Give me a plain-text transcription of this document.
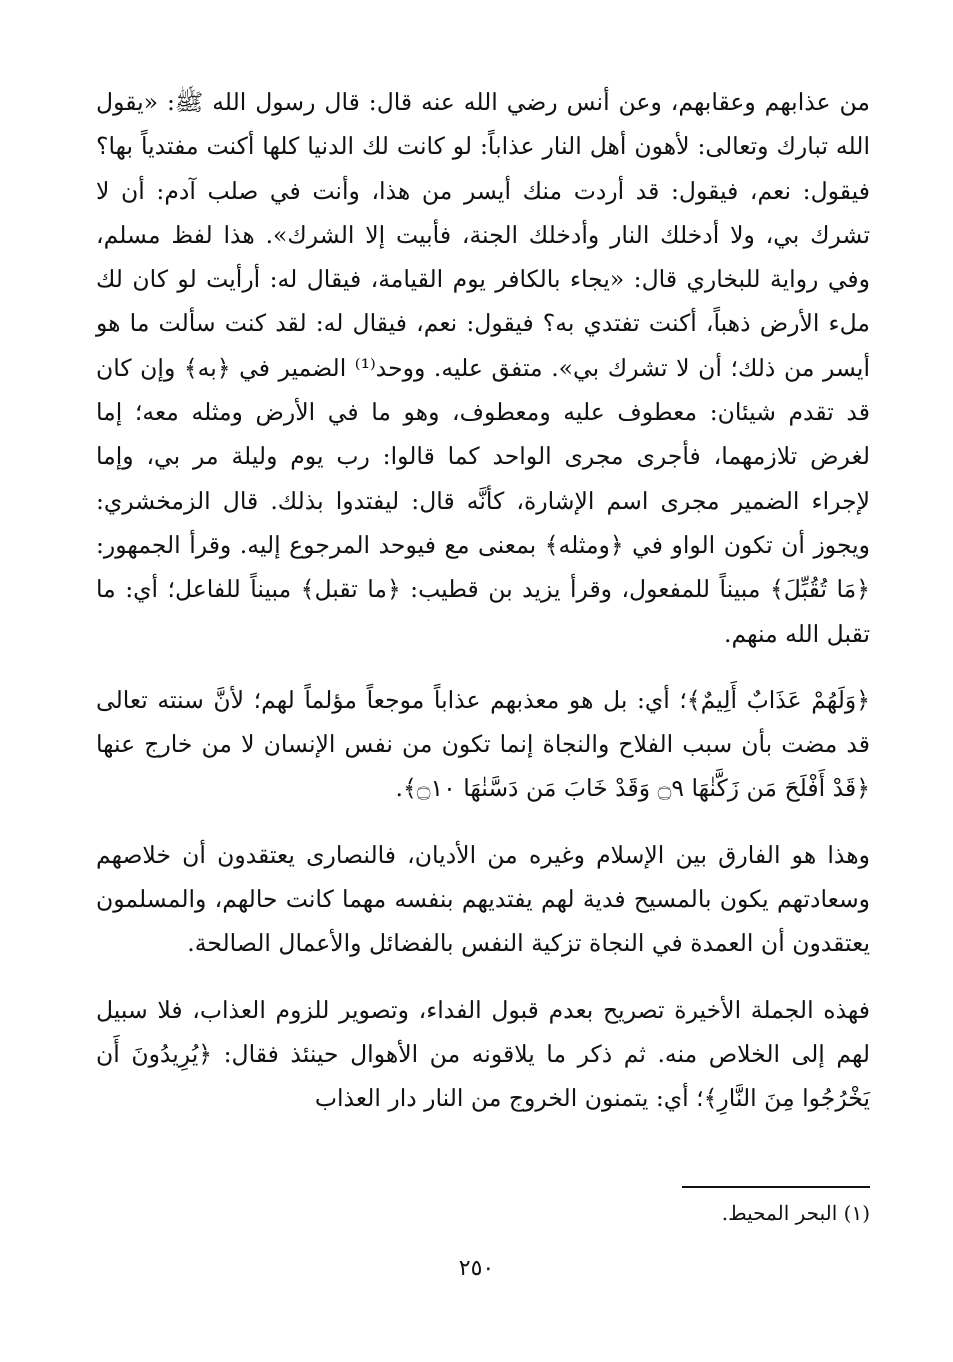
من عذابهم وعقابهم، وعن أنس رضي الله عنه قال: قال رسول الله ﷺ: «يقول الله تبارك وتعالى: لأهون أهل النار عذاباً: لو كانت لك الدنيا كلها أكنت مفتدياً بها؟ فيقول: نعم، فيقول: قد أردت منك أيسر من هذا، وأنت في صلب آدم: أن لا تشرك بي، ولا أدخلك النار وأدخلك الجنة، فأبيت إلا الشرك». هذا لفظ مسلم، وفي رواية للبخاري قال: «يجاء بالكافر يوم القيامة، فيقال له: أرأيت لو كان لك ملء الأرض ذهباً، أكنت تفتدي به؟ فيقول: نعم، فيقال له: لقد كنت سألت ما هو أيسر من ذلك؛ أن لا تشرك بي». متفق عليه. ووحد⁽¹⁾ الضمير في ﴿به﴾ وإن كان قد تقدم شيئان: معطوف عليه ومعطوف، وهو ما في الأرض ومثله معه؛ إما لغرض تلازمهما، فأجرى مجرى الواحد كما قالوا: رب يوم وليلة مر بي، وإما لإجراء الضمير مجرى اسم الإشارة، كأنَّه قال: ليفتدوا بذلك. قال الزمخشري: ويجوز أن تكون الواو في ﴿ومثله﴾ بمعنى مع فيوحد المرجوع إليه. وقرأ الجمهور: ﴿مَا تُقُبِّلَ﴾ مبيناً للمفعول، وقرأ يزيد بن قطيب: ﴿ما تقبل﴾ مبيناً للفاعل؛ أي: ما تقبل الله منهم.

﴿وَلَهُمْ عَذَابٌ أَلِيمٌ﴾؛ أي: بل هو معذبهم عذاباً موجعاً مؤلماً لهم؛ لأنَّ سنته تعالى قد مضت بأن سبب الفلاح والنجاة إنما تكون من نفس الإنسان لا من خارج عنها ﴿قَدْ أَفْلَحَ مَن زَكَّنٰهَا ۝٩ وَقَدْ خَابَ مَن دَسَّنٰهَا ۝١٠﴾.

وهذا هو الفارق بين الإسلام وغيره من الأديان، فالنصارى يعتقدون أن خلاصهم وسعادتهم يكون بالمسيح فدية لهم يفتديهم بنفسه مهما كانت حالهم، والمسلمون يعتقدون أن العمدة في النجاة تزكية النفس بالفضائل والأعمال الصالحة.

فهذه الجملة الأخيرة تصريح بعدم قبول الفداء، وتصوير للزوم العذاب، فلا سبيل لهم إلى الخلاص منه. ثم ذكر ما يلاقونه من الأهوال حينئذ فقال: ﴿يُرِيدُونَ أَن يَخْرُجُوا مِنَ النَّارِ﴾؛ أي: يتمنون الخروج من النار دار العذاب

(١) البحر المحيط.
٢٥٠
